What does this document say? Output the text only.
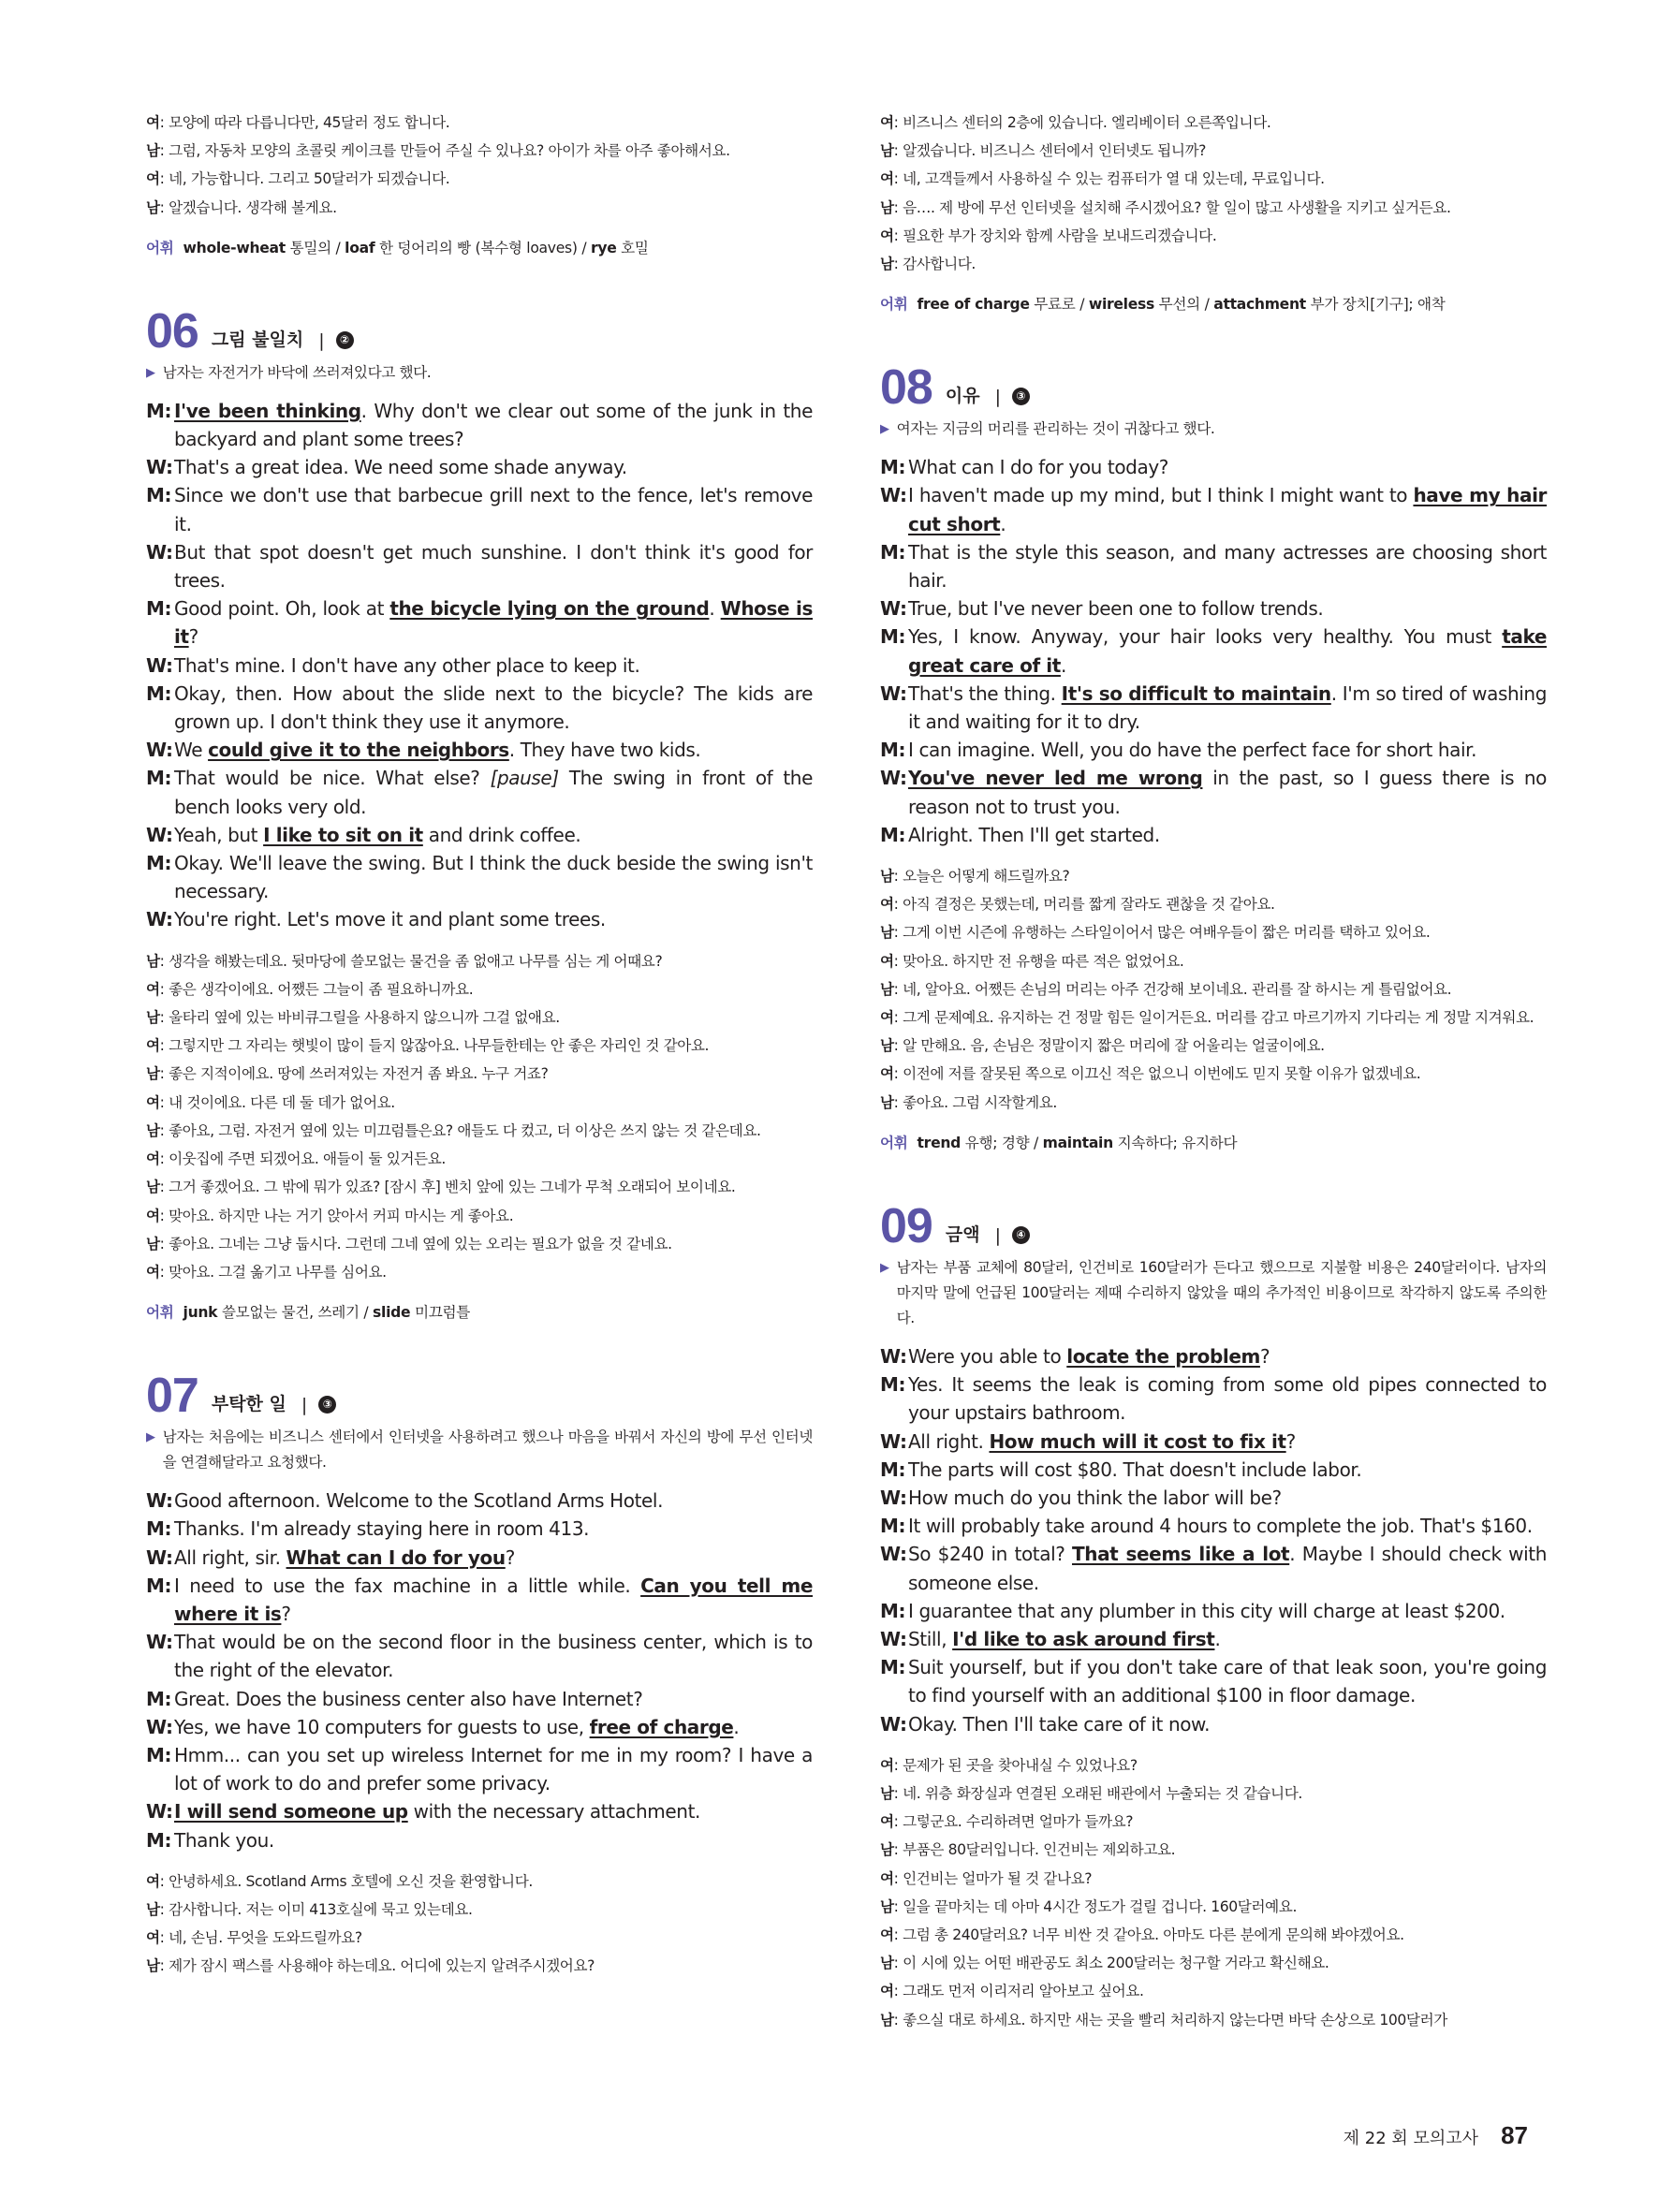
여: 모양에 따라 다릅니다만, 45달러 정도 합니다.
남: 그럼, 자동차 모양의 초콜릿 케이크를 만들어 주실 수 있나요? 아이가 차를 아주 좋아해서요.
여: 네, 가능합니다. 그리고 50달러가 되겠습니다.
남: 알겠습니다. 생각해 볼게요.
어휘 whole-wheat 통밀의 / loaf 한 덩어리의 빵 (복수형 loaves) / rye 호밀
06 그림 불일치 |	②
▶ 남자는 자전거가 바닥에 쓰러져있다고 했다.
M: I've been thinking. Why don't we clear out some of the junk in the backyard and plant some trees?
W: That's a great idea. We need some shade anyway.
M: Since we don't use that barbecue grill next to the fence, let's remove it.
W: But that spot doesn't get much sunshine. I don't think it's good for trees.
M: Good point. Oh, look at the bicycle lying on the ground. Whose is it?
W: That's mine. I don't have any other place to keep it.
M: Okay, then. How about the slide next to the bicycle? The kids are grown up. I don't think they use it anymore.
W: We could give it to the neighbors. They have two kids.
M: That would be nice. What else? [pause] The swing in front of the bench looks very old.
W: Yeah, but I like to sit on it and drink coffee.
M: Okay. We'll leave the swing. But I think the duck beside the swing isn't necessary.
W: You're right. Let's move it and plant some trees.
남: 생각을 해봤는데요. 뒷마당에 쓸모없는 물건을 좀 없애고 나무를 심는 게 어때요?
여: 좋은 생각이에요. 어쨌든 그늘이 좀 필요하니까요.
남: 울타리 옆에 있는 바비큐그릴을 사용하지 않으니까 그걸 없애요.
여: 그렇지만 그 자리는 햇빛이 많이 들지 않잖아요. 나무들한테는 안 좋은 자리인 것 같아요.
남: 좋은 지적이에요. 땅에 쓰러져있는 자전거 좀 봐요. 누구 거죠?
여: 내 것이에요. 다른 데 둘 데가 없어요.
남: 좋아요, 그럼. 자전거 옆에 있는 미끄럼틀은요? 애들도 다 컸고, 더 이상은 쓰지 않는 것 같은데요.
여: 이웃집에 주면 되겠어요. 애들이 둘 있거든요.
남: 그거 좋겠어요. 그 밖에 뭐가 있죠? [잠시 후] 벤치 앞에 있는 그네가 무척 오래되어 보이네요.
여: 맞아요. 하지만 나는 거기 앉아서 커피 마시는 게 좋아요.
남: 좋아요. 그네는 그냥 둡시다. 그런데 그네 옆에 있는 오리는 필요가 없을 것 같네요.
여: 맞아요. 그걸 옮기고 나무를 심어요.
어휘 junk 쓸모없는 물건, 쓰레기 / slide 미끄럼틀
07 부탁한 일 |	③
▶ 남자는 처음에는 비즈니스 센터에서 인터넷을 사용하려고 했으나 마음을 바꿔서 자신의 방에 무선 인터넷을 연결해달라고 요청했다.
W: Good afternoon. Welcome to the Scotland Arms Hotel.
M: Thanks. I'm already staying here in room 413.
W: All right, sir. What can I do for you?
M: I need to use the fax machine in a little while. Can you tell me where it is?
W: That would be on the second floor in the business center, which is to the right of the elevator.
M: Great. Does the business center also have Internet?
W: Yes, we have 10 computers for guests to use, free of charge.
M: Hmm... can you set up wireless Internet for me in my room? I have a lot of work to do and prefer some privacy.
W: I will send someone up with the necessary attachment.
M: Thank you.
여: 안녕하세요. Scotland Arms 호텔에 오신 것을 환영합니다.
남: 감사합니다. 저는 이미 413호실에 묵고 있는데요.
여: 네, 손님. 무엇을 도와드릴까요?
남: 제가 잠시 팩스를 사용해야 하는데요. 어디에 있는지 알려주시겠어요?
여: 비즈니스 센터의 2층에 있습니다. 엘리베이터 오른쪽입니다.
남: 알겠습니다. 비즈니스 센터에서 인터넷도 됩니까?
여: 네, 고객들께서 사용하실 수 있는 컴퓨터가 열 대 있는데, 무료입니다.
남: 음…. 제 방에 무선 인터넷을 설치해 주시겠어요? 할 일이 많고 사생활을 지키고 싶거든요.
여: 필요한 부가 장치와 함께 사람을 보내드리겠습니다.
남: 감사합니다.
어휘 free of charge 무료로 / wireless 무선의 / attachment 부가 장치[기구]; 애착
08 이유 |	③
▶ 여자는 지금의 머리를 관리하는 것이 귀찮다고 했다.
M: What can I do for you today?
W: I haven't made up my mind, but I think I might want to have my hair cut short.
M: That is the style this season, and many actresses are choosing short hair.
W: True, but I've never been one to follow trends.
M: Yes, I know. Anyway, your hair looks very healthy. You must take great care of it.
W: That's the thing. It's so difficult to maintain. I'm so tired of washing it and waiting for it to dry.
M: I can imagine. Well, you do have the perfect face for short hair.
W: You've never led me wrong in the past, so I guess there is no reason not to trust you.
M: Alright. Then I'll get started.
남: 오늘은 어떻게 해드릴까요?
여: 아직 결정은 못했는데, 머리를 짧게 잘라도 괜찮을 것 같아요.
남: 그게 이번 시즌에 유행하는 스타일이어서 많은 여배우들이 짧은 머리를 택하고 있어요.
여: 맞아요. 하지만 전 유행을 따른 적은 없었어요.
남: 네, 알아요. 어쨌든 손님의 머리는 아주 건강해 보이네요. 관리를 잘 하시는 게 틀림없어요.
여: 그게 문제예요. 유지하는 건 정말 힘든 일이거든요. 머리를 감고 마르기까지 기다리는 게 정말 지겨워요.
남: 알 만해요. 음, 손님은 정말이지 짧은 머리에 잘 어울리는 얼굴이에요.
여: 이전에 저를 잘못된 쪽으로 이끄신 적은 없으니 이번에도 믿지 못할 이유가 없겠네요.
남: 좋아요. 그럼 시작할게요.
어휘 trend 유행; 경향 / maintain 지속하다; 유지하다
09 금액 |	④
▶ 남자는 부품 교체에 80달러, 인건비로 160달러가 든다고 했으므로 지불할 비용은 240달러이다. 남자의 마지막 말에 언급된 100달러는 제때 수리하지 않았을 때의 추가적인 비용이므로 착각하지 않도록 주의한다.
W: Were you able to locate the problem?
M: Yes. It seems the leak is coming from some old pipes connected to your upstairs bathroom.
W: All right. How much will it cost to fix it?
M: The parts will cost $80. That doesn't include labor.
W: How much do you think the labor will be?
M: It will probably take around 4 hours to complete the job. That's $160.
W: So $240 in total? That seems like a lot. Maybe I should check with someone else.
M: I guarantee that any plumber in this city will charge at least $200.
W: Still, I'd like to ask around first.
M: Suit yourself, but if you don't take care of that leak soon, you're going to find yourself with an additional $100 in floor damage.
W: Okay. Then I'll take care of it now.
여: 문제가 된 곳을 찾아내실 수 있었나요?
남: 네. 위층 화장실과 연결된 오래된 배관에서 누출되는 것 같습니다.
여: 그렇군요. 수리하려면 얼마가 들까요?
남: 부품은 80달러입니다. 인건비는 제외하고요.
여: 인건비는 얼마가 될 것 같나요?
남: 일을 끝마치는 데 아마 4시간 정도가 걸릴 겁니다. 160달러예요.
여: 그럼 총 240달러요? 너무 비싼 것 같아요. 아마도 다른 분에게 문의해 봐야겠어요.
남: 이 시에 있는 어떤 배관공도 최소 200달러는 청구할 거라고 확신해요.
여: 그래도 먼저 이리저리 알아보고 싶어요.
남: 좋으실 대로 하세요. 하지만 새는 곳을 빨리 처리하지 않는다면 바닥 손상으로 100달러가
제 22 회 모의고사 87
